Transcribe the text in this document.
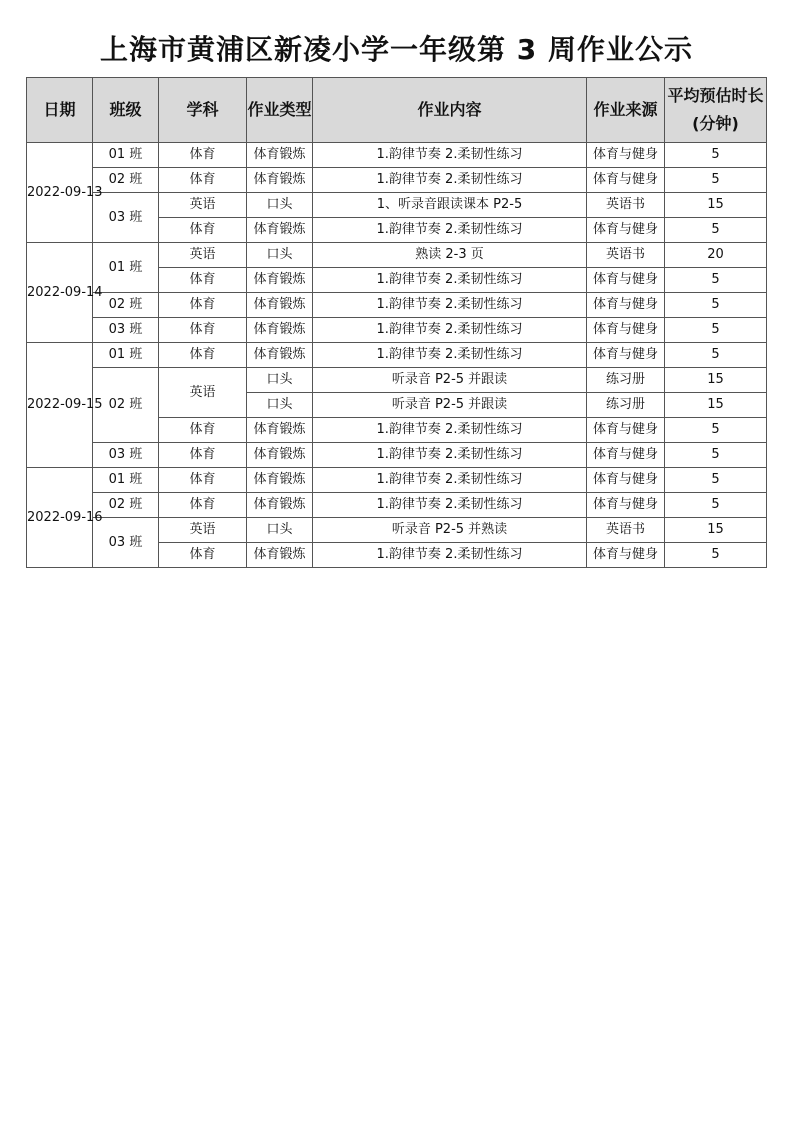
上海市黄浦区新凌小学一年级第 3 周作业公示
日期	班级	学科	作业类型	作业内容	作业来源	平均预估时长(分钟)
2022-09-13	01 班	体育	体育锻炼	1.韵律节奏 2.柔韧性练习	体育与健身	5
	02 班	体育	体育锻炼	1.韵律节奏 2.柔韧性练习	体育与健身	5
	03 班	英语	口头	1、听录音跟读课本 P2-5	英语书	15
		体育	体育锻炼	1.韵律节奏 2.柔韧性练习	体育与健身	5
2022-09-14	01 班	英语	口头	熟读 2-3 页	英语书	20
		体育	体育锻炼	1.韵律节奏 2.柔韧性练习	体育与健身	5
	02 班	体育	体育锻炼	1.韵律节奏 2.柔韧性练习	体育与健身	5
	03 班	体育	体育锻炼	1.韵律节奏 2.柔韧性练习	体育与健身	5
2022-09-15	01 班	体育	体育锻炼	1.韵律节奏 2.柔韧性练习	体育与健身	5
	02 班	英语	口头	听录音 P2-5 并跟读	练习册	15
			口头	听录音 P2-5 并跟读	练习册	15
		体育	体育锻炼	1.韵律节奏 2.柔韧性练习	体育与健身	5
	03 班	体育	体育锻炼	1.韵律节奏 2.柔韧性练习	体育与健身	5
2022-09-16	01 班	体育	体育锻炼	1.韵律节奏 2.柔韧性练习	体育与健身	5
	02 班	体育	体育锻炼	1.韵律节奏 2.柔韧性练习	体育与健身	5
	03 班	英语	口头	听录音 P2-5 并熟读	英语书	15
		体育	体育锻炼	1.韵律节奏 2.柔韧性练习	体育与健身	5
